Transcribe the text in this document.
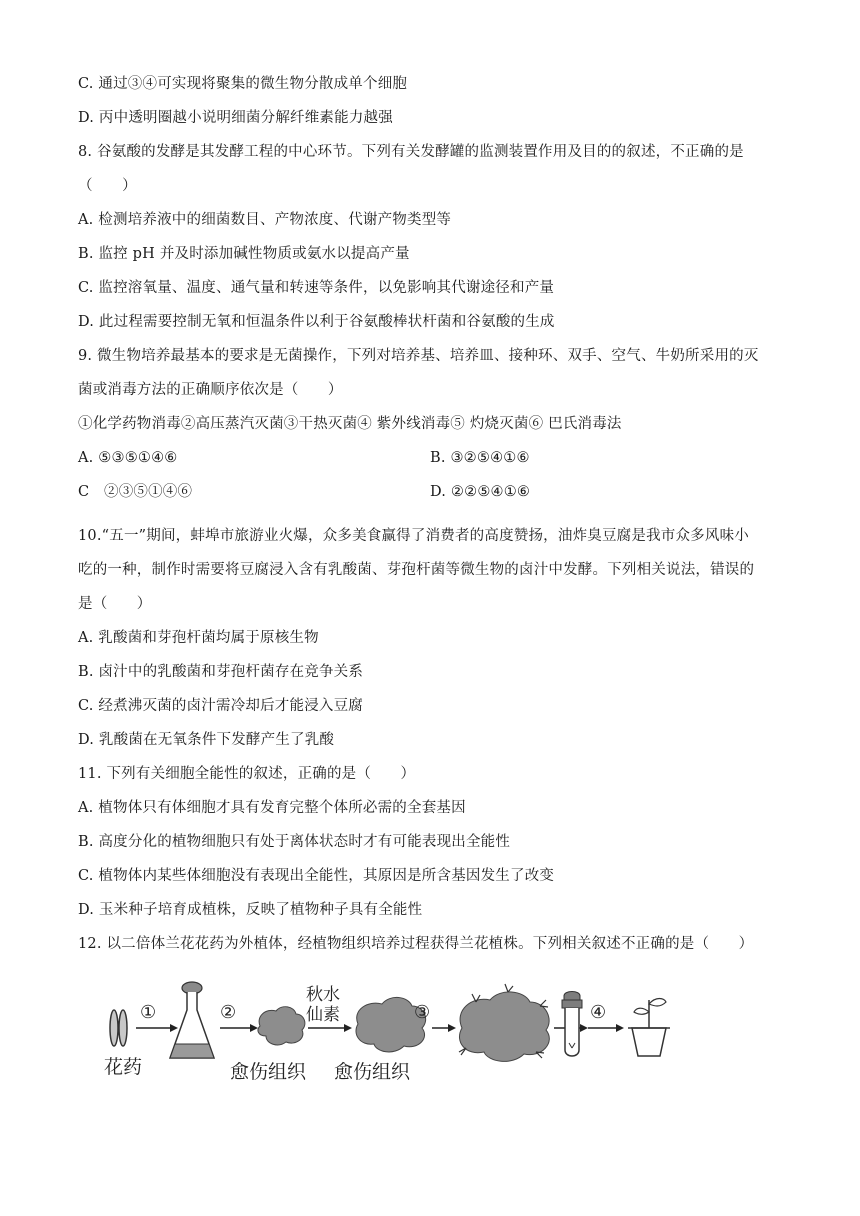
C. 通过③④可实现将聚集的微生物分散成单个细胞
D. 丙中透明圈越小说明细菌分解纤维素能力越强
8. 谷氨酸的发酵是其发酵工程的中心环节。下列有关发酵罐的监测装置作用及目的的叙述，不正确的是
（　　）
A. 检测培养液中的细菌数目、产物浓度、代谢产物类型等
B. 监控 pH 并及时添加碱性物质或氨水以提高产量
C. 监控溶氧量、温度、通气量和转速等条件，以免影响其代谢途径和产量
D. 此过程需要控制无氧和恒温条件以利于谷氨酸棒状杆菌和谷氨酸的生成
9. 微生物培养最基本的要求是无菌操作，下列对培养基、培养皿、接种环、双手、空气、牛奶所采用的灭
菌或消毒方法的正确顺序依次是（　　）
①化学药物消毒②高压蒸汽灭菌③干热灭菌④ 紫外线消毒⑤ 灼烧灭菌⑥ 巴氏消毒法
A. ⑤③⑤①④⑥	B. ③②⑤④①⑥
C　②③⑤①④⑥	D. ②②⑤④①⑥
10.“五一”期间，蚌埠市旅游业火爆，众多美食赢得了消费者的高度赞扬，油炸臭豆腐是我市众多风味小
吃的一种，制作时需要将豆腐浸入含有乳酸菌、芽孢杆菌等微生物的卤汁中发酵。下列相关说法，错误的
是（　　）
A. 乳酸菌和芽孢杆菌均属于原核生物
B. 卤汁中的乳酸菌和芽孢杆菌存在竞争关系
C. 经煮沸灭菌的卤汁需冷却后才能浸入豆腐
D. 乳酸菌在无氧条件下发酵产生了乳酸
11. 下列有关细胞全能性的叙述，正确的是（　　）
A. 植物体只有体细胞才具有发育完整个体所必需的全套基因
B. 高度分化的植物细胞只有处于离体状态时才有可能表现出全能性
C. 植物体内某些体细胞没有表现出全能性，其原因是所含基因发生了改变
D. 玉米种子培育成植株，反映了植物种子具有全能性
12. 以二倍体兰花花药为外植体，经植物组织培养过程获得兰花植株。下列相关叙述不正确的是（　　）
花药
①	②
愈伤组织
秋水
仙素
愈伤组织
③	④
